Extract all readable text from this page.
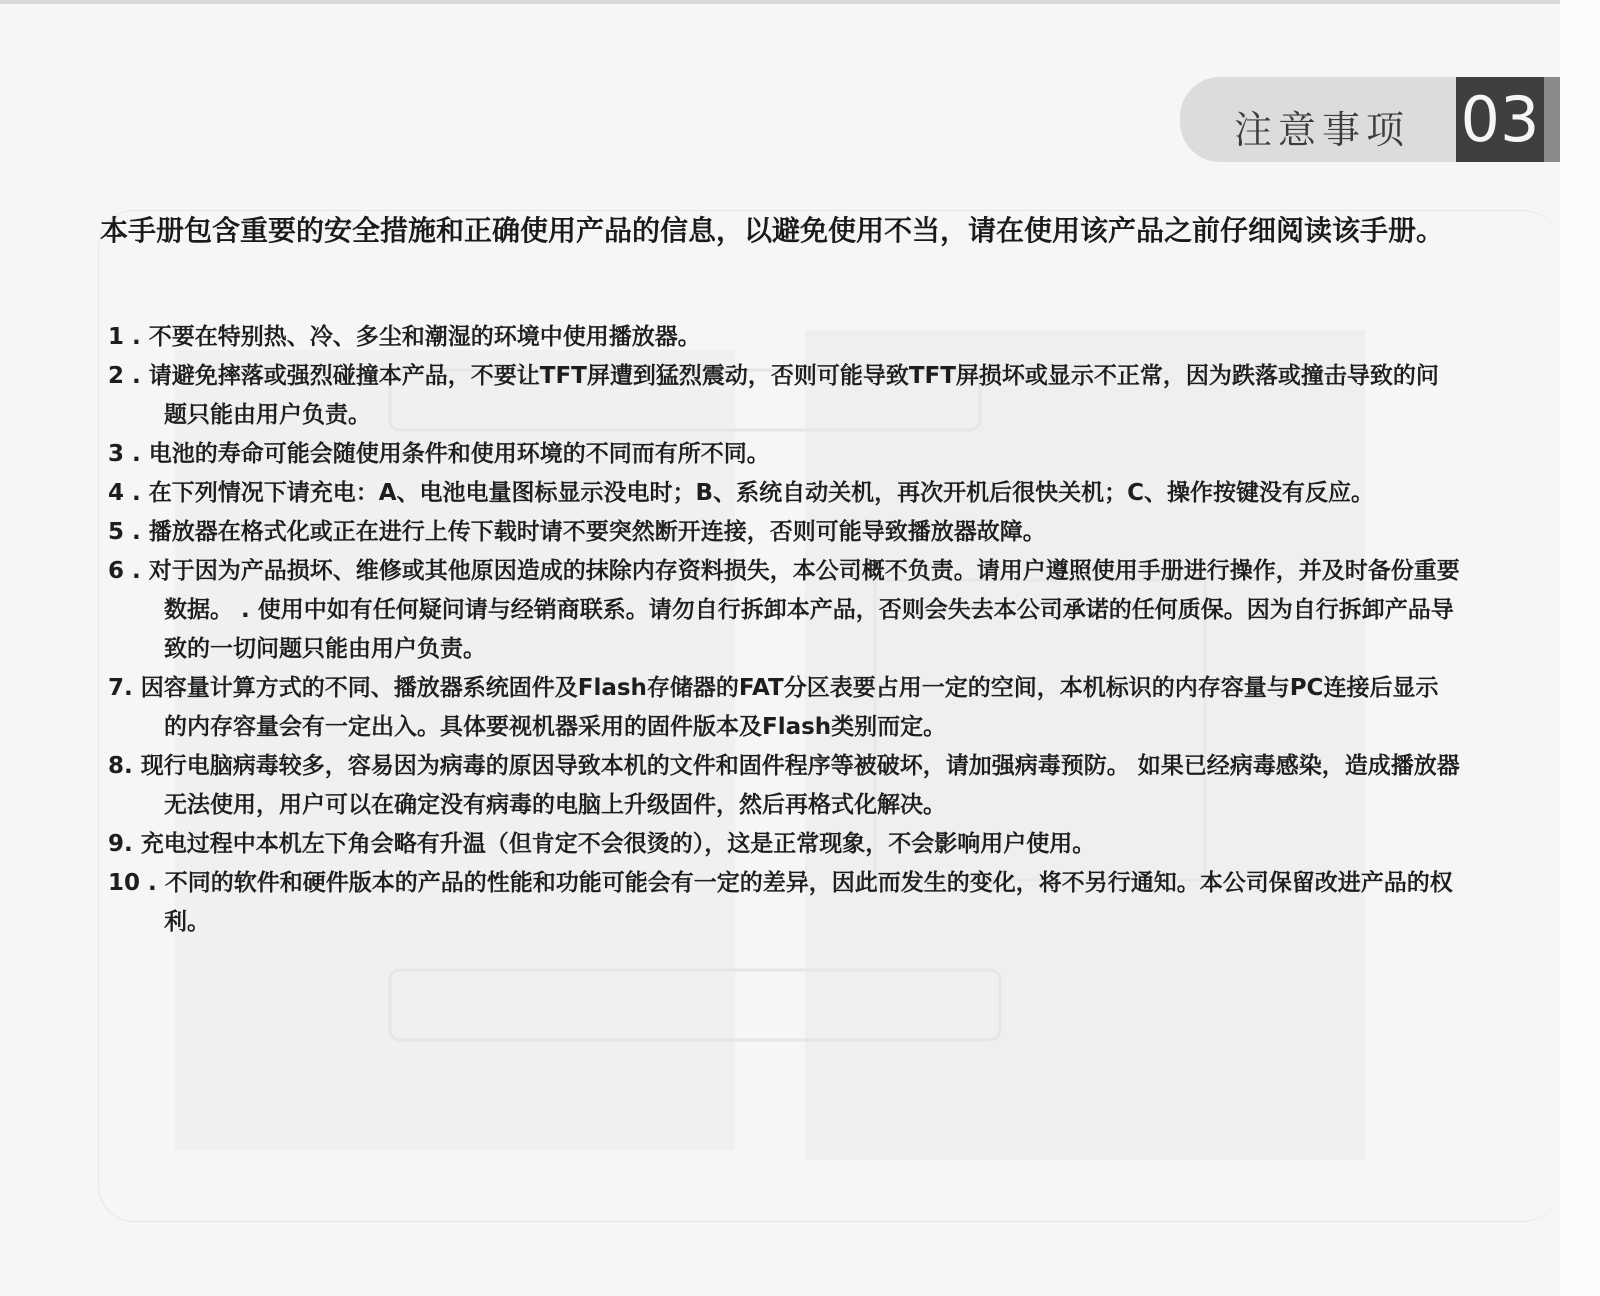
注意事项 03

本手册包含重要的安全措施和正确使用产品的信息，以避免使用不当，请在使用该产品之前仔细阅读该手册。

1 . 不要在特别热、冷、多尘和潮湿的环境中使用播放器。
2 . 请避免摔落或强烈碰撞本产品，不要让TFT屏遭到猛烈震动，否则可能导致TFT屏损坏或显示不正常，因为跌落或撞击导致的问题只能由用户负责。
3 . 电池的寿命可能会随使用条件和使用环境的不同而有所不同。
4 . 在下列情况下请充电：A、电池电量图标显示没电时；B、系统自动关机，再次开机后很快关机；C、操作按键没有反应。
5 . 播放器在格式化或正在进行上传下载时请不要突然断开连接，否则可能导致播放器故障。
6 . 对于因为产品损坏、维修或其他原因造成的抹除内存资料损失，本公司概不负责。请用户遵照使用手册进行操作，并及时备份重要数据。 . 使用中如有任何疑问请与经销商联系。请勿自行拆卸本产品，否则会失去本公司承诺的任何质保。因为自行拆卸产品导致的一切问题只能由用户负责。
7. 因容量计算方式的不同、播放器系统固件及Flash存储器的FAT分区表要占用一定的空间，本机标识的内存容量与PC连接后显示的内存容量会有一定出入。具体要视机器采用的固件版本及Flash类别而定。
8. 现行电脑病毒较多，容易因为病毒的原因导致本机的文件和固件程序等被破坏，请加强病毒预防。 如果已经病毒感染，造成播放器无法使用，用户可以在确定没有病毒的电脑上升级固件，然后再格式化解决。
9. 充电过程中本机左下角会略有升温（但肯定不会很烫的），这是正常现象，不会影响用户使用。
10 . 不同的软件和硬件版本的产品的性能和功能可能会有一定的差异，因此而发生的变化，将不另行通知。本公司保留改进产品的权利。
